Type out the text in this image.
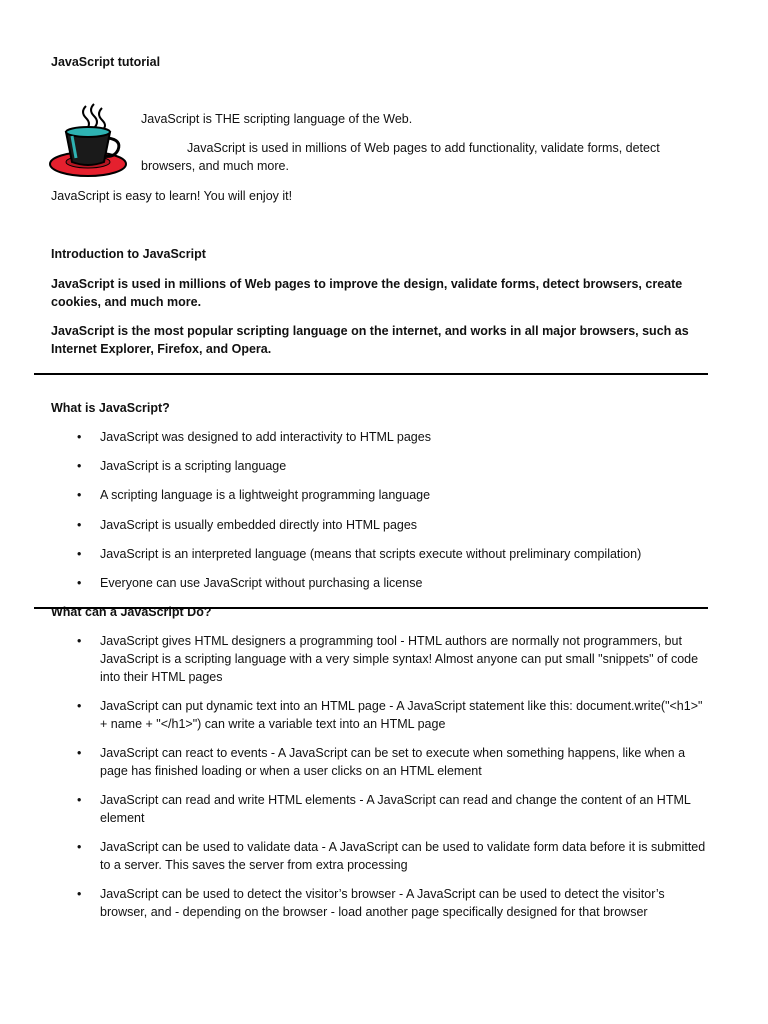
JavaScript tutorial
JavaScript is THE scripting language of the Web.
JavaScript is used in millions of Web pages to add functionality, validate forms, detect browsers, and much more.
JavaScript is easy to learn! You will enjoy it!
Introduction to JavaScript
JavaScript is used in millions of Web pages to improve the design, validate forms, detect browsers, create cookies, and much more.
JavaScript is the most popular scripting language on the internet, and works in all major browsers, such as Internet Explorer, Firefox, and Opera.
What is JavaScript?
• JavaScript was designed to add interactivity to HTML pages
• JavaScript is a scripting language
• A scripting language is a lightweight programming language
• JavaScript is usually embedded directly into HTML pages
• JavaScript is an interpreted language (means that scripts execute without preliminary compilation)
• Everyone can use JavaScript without purchasing a license
What can a JavaScript Do?
• JavaScript gives HTML designers a programming tool - HTML authors are normally not programmers, but JavaScript is a scripting language with a very simple syntax! Almost anyone can put small "snippets" of code into their HTML pages
• JavaScript can put dynamic text into an HTML page - A JavaScript statement like this: document.write("<h1>" + name + "</h1>") can write a variable text into an HTML page
• JavaScript can react to events - A JavaScript can be set to execute when something happens, like when a page has finished loading or when a user clicks on an HTML element
• JavaScript can read and write HTML elements - A JavaScript can read and change the content of an HTML element
• JavaScript can be used to validate data - A JavaScript can be used to validate form data before it is submitted to a server. This saves the server from extra processing
• JavaScript can be used to detect the visitor’s browser - A JavaScript can be used to detect the visitor’s browser, and - depending on the browser - load another page specifically designed for that browser
